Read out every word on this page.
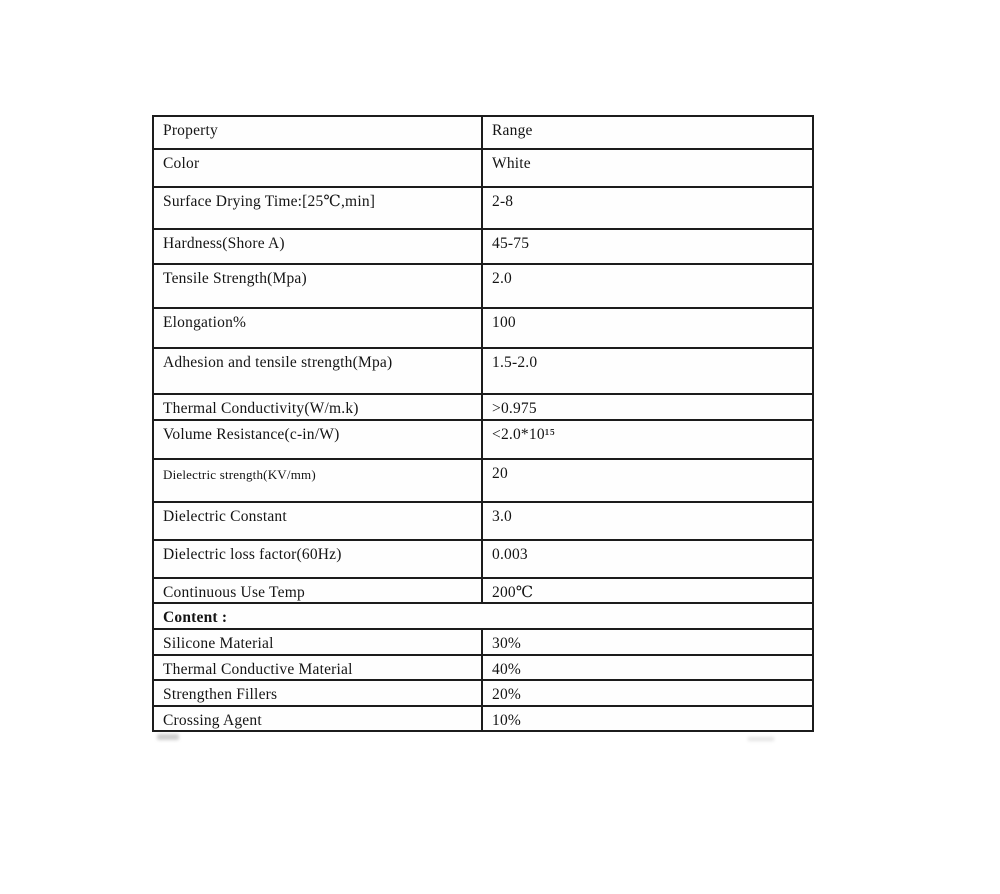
Property	Range
Color	White
Surface Drying Time:[25℃,min]	2-8
Hardness(Shore A)	45-75
Tensile Strength(Mpa)	2.0
Elongation%	100
Adhesion and tensile strength(Mpa)	1.5-2.0
Thermal Conductivity(W/m.k)	>0.975
Volume Resistance(c-in/W)	<2.0*10¹⁵
Dielectric strength(KV/mm)	20
Dielectric Constant	3.0
Dielectric loss factor(60Hz)	0.003
Continuous Use Temp	200℃
Content :	
Silicone Material	30%
Thermal Conductive Material	40%
Strengthen Fillers	20%
Crossing Agent	10%
